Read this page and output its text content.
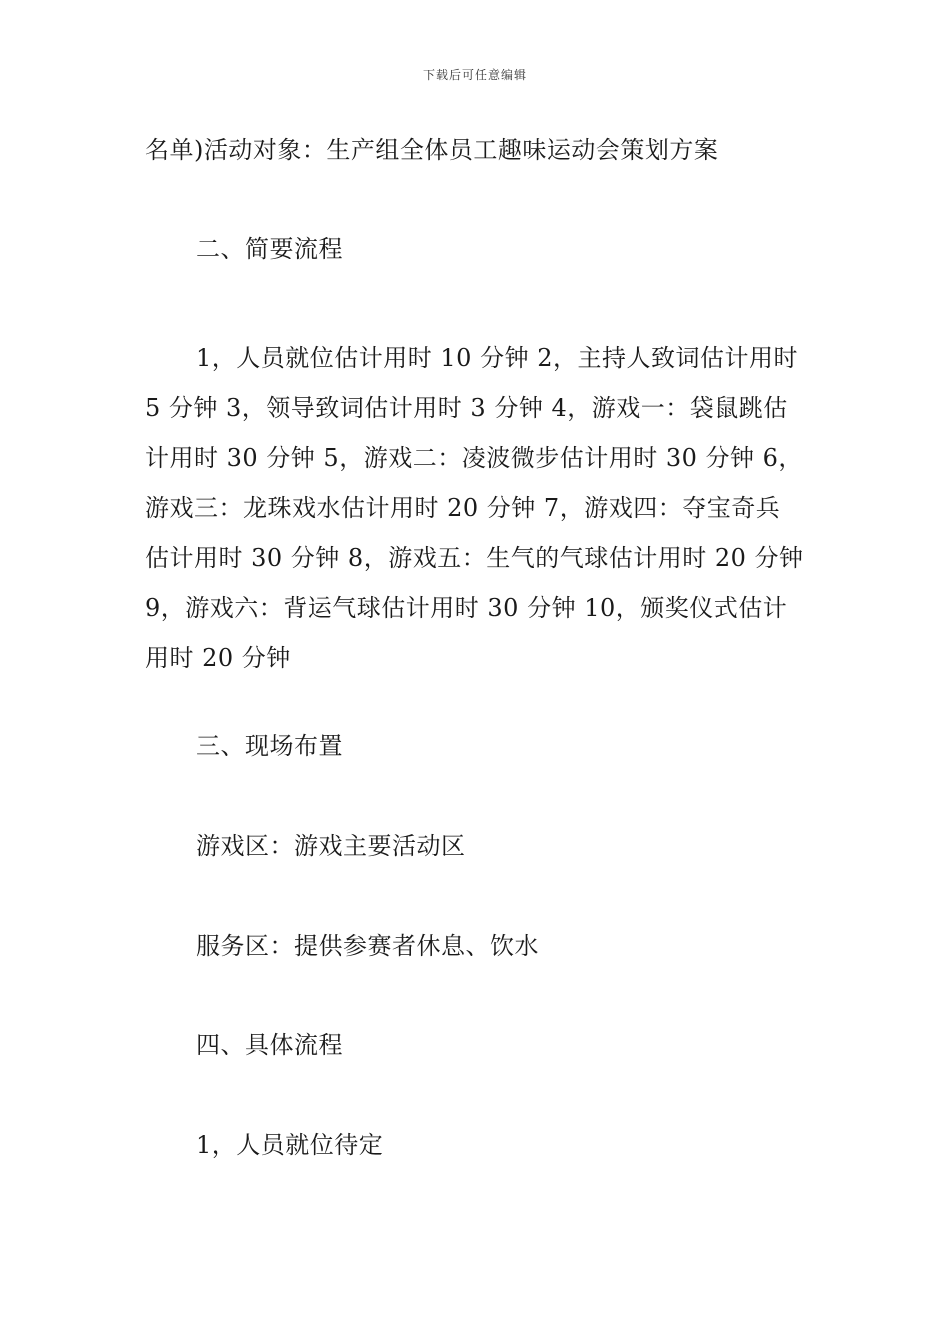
下载后可任意编辑
名单)活动对象：生产组全体员工趣味运动会策划方案
二、简要流程
1，人员就位估计用时 10 分钟 2，主持人致词估计用时
5 分钟 3，领导致词估计用时 3 分钟 4，游戏一：袋鼠跳估
计用时 30 分钟 5，游戏二：凌波微步估计用时 30 分钟 6，
游戏三：龙珠戏水估计用时 20 分钟 7，游戏四：夺宝奇兵
估计用时 30 分钟 8，游戏五：生气的气球估计用时 20 分钟
9，游戏六：背运气球估计用时 30 分钟 10，颁奖仪式估计
用时 20 分钟
三、现场布置
游戏区：游戏主要活动区
服务区：提供参赛者休息、饮水
四、具体流程
1，人员就位待定
